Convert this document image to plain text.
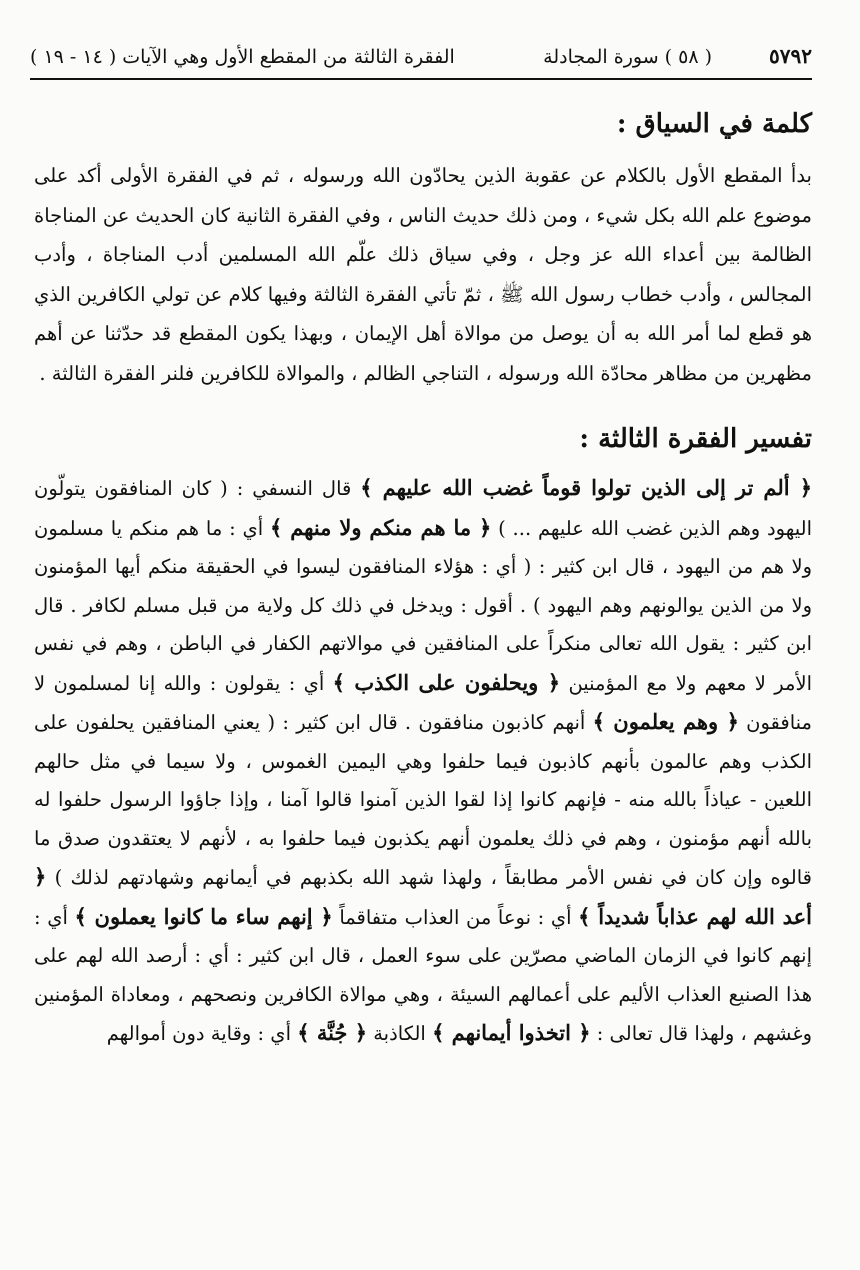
٥٧٩٢
( ٥٨ ) سورة المجادلة
الفقرة الثالثة من المقطع الأول وهي الآيات ( ١٤ - ١٩ )
كلمة في السياق :

بدأ المقطع الأول بالكلام عن عقوبة الذين يحادّون الله ورسوله ، ثم في الفقرة الأولى أكد على موضوع علم الله بكل شيء ، ومن ذلك حديث الناس ، وفي الفقرة الثانية كان الحديث عن المناجاة الظالمة بين أعداء الله عز وجل ، وفي سياق ذلك علّم الله المسلمين أدب المناجاة ، وأدب المجالس ، وأدب خطاب رسول الله ﷺ ، ثمّ تأتي الفقرة الثالثة وفيها كلام عن تولي الكافرين الذي هو قطع لما أمر الله به أن يوصل من موالاة أهل الإيمان ، وبهذا يكون المقطع قد حدّثنا عن أهم مظهرين من مظاهر محادّة الله ورسوله ، التناجي الظالم ، والموالاة للكافرين فلنر الفقرة الثالثة .

تفسير الفقرة الثالثة :

﴿ ألم تر إلى الذين تولوا قوماً غضب الله عليهم ﴾ قال النسفي : ( كان المنافقون يتولّون اليهود وهم الذين غضب الله عليهم ... ) ﴿ ما هم منكم ولا منهم ﴾ أي : ما هم منكم يا مسلمون ولا هم من اليهود ، قال ابن كثير : ( أي : هؤلاء المنافقون ليسوا في الحقيقة منكم أيها المؤمنون ولا من الذين يوالونهم وهم اليهود ) . أقول : ويدخل في ذلك كل ولاية من قبل مسلم لكافر . قال ابن كثير : يقول الله تعالى منكراً على المنافقين في موالاتهم الكفار في الباطن ، وهم في نفس الأمر لا معهم ولا مع المؤمنين ﴿ ويحلفون على الكذب ﴾ أي : يقولون : والله إنا لمسلمون لا منافقون ﴿ وهم يعلمون ﴾ أنهم كاذبون منافقون . قال ابن كثير : ( يعني المنافقين يحلفون على الكذب وهم عالمون بأنهم كاذبون فيما حلفوا وهي اليمين الغموس ، ولا سيما في مثل حالهم اللعين - عياذاً بالله منه - فإنهم كانوا إذا لقوا الذين آمنوا قالوا آمنا ، وإذا جاؤوا الرسول حلفوا له بالله أنهم مؤمنون ، وهم في ذلك يعلمون أنهم يكذبون فيما حلفوا به ، لأنهم لا يعتقدون صدق ما قالوه وإن كان في نفس الأمر مطابقاً ، ولهذا شهد الله بكذبهم في أيمانهم وشهادتهم لذلك ) ﴿ أعد الله لهم عذاباً شديداً ﴾ أي : نوعاً من العذاب متفاقماً ﴿ إنهم ساء ما كانوا يعملون ﴾ أي : إنهم كانوا في الزمان الماضي مصرّين على سوء العمل ، قال ابن كثير : أي : أرصد الله لهم على هذا الصنيع العذاب الأليم على أعمالهم السيئة ، وهي موالاة الكافرين ونصحهم ، ومعاداة المؤمنين وغشهم ، ولهذا قال تعالى : ﴿ اتخذوا أيمانهم ﴾ الكاذبة ﴿ جُنَّة ﴾ أي : وقاية دون أموالهم
